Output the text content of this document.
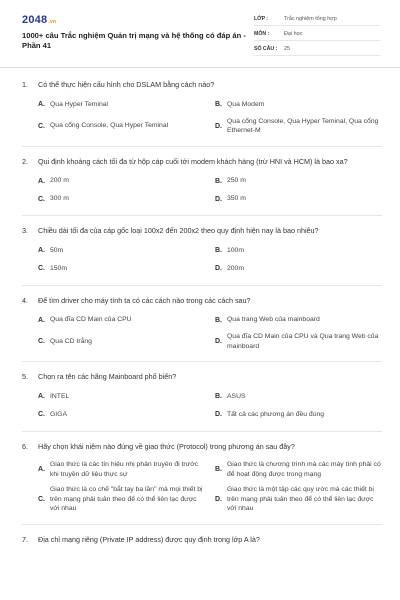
2048.vn
1000+ câu Trắc nghiệm Quản trị mạng và hệ thống có đáp án - Phần 41
LỚP :	Trắc nghiệm tổng hợp
MÔN :	Đại học
SỐ CÂU :	25
1.	Có thể thực hiện cấu hình cho DSLAM bằng cách nào?
A. Qua Hyper Teminal	B. Qua Modem
C. Qua cổng Console, Qua Hyper Teminal	D.
Qua cổng Console, Qua Hyper Teminal, Qua cổng Ethernet-M
2.	Qui định khoảng cách tối đa từ hộp cáp cuối tới modem khách hàng (trừ HNI và HCM) là bao xa?
A. 200 m	B. 250 m
C. 300 m	D. 350 m
3.	Chiều dài tối đa của cáp gốc loại 100x2 đến 200x2 theo quy định hiện nay là bao nhiêu?
A. 50m	B. 100m
C. 150m	D. 200m
4.	Để tìm driver cho máy tính ta có các cách nào trong các cách sau?
A. Qua đĩa CD Main của CPU	B. Qua trang Web của mainboard
C. Qua CD trắng	D.
Qua đĩa CD Main của CPU và Qua trang Web của mainboard
5.	Chọn ra tên các hãng Mainboard phổ biến?
A. INTEL	B. ASUS
C. GIGA	D. Tất cả các phương án đều đúng
6.	Hãy chọn khái niệm nào đúng về giao thức (Protocol) trong phương án sau đây?
A.
Giao thức là các tín hiệu nhị phân truyền đi trước khi truyền dữ liệu thực sự
B.
Giao thức là chương trình mà các máy tính phải có để hoạt động được trong mạng
C.
Giao thức là co chế "bắt tay ba lần" mà mọi thiết bị trên mạng phải tuân theo để có thể liên lạc được với nhau
D.
Giao thức là một tập các quy ước mà các thiết bị trên mạng phải tuân theo để có thể liên lạc được với nhau
7.	Địa chỉ mạng riêng (Private IP address) được quy định trong lớp A là?
